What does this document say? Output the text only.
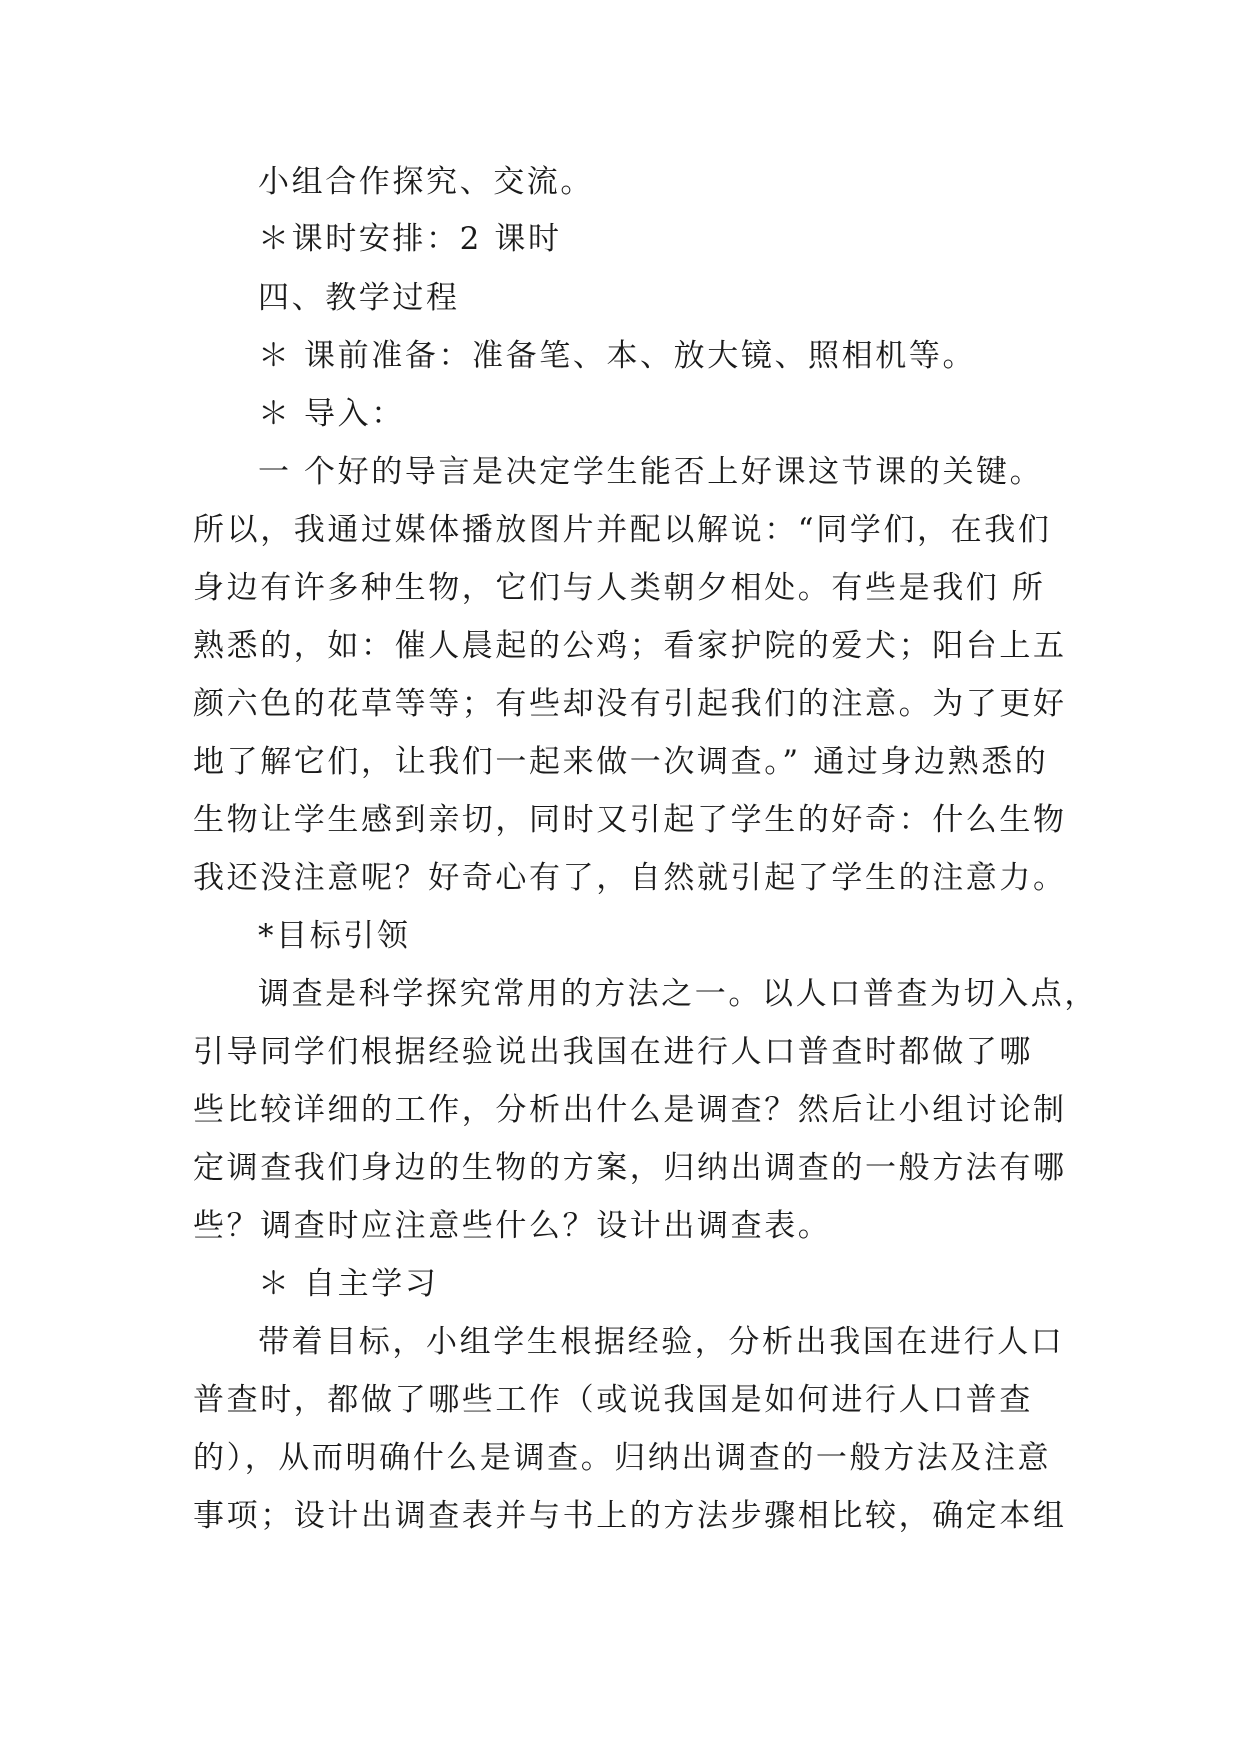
小组合作探究、交流。
＊课时安排：2 课时
四、教学过程
＊ 课前准备：准备笔、本、放大镜、照相机等。
＊ 导入：
一 个好的导言是决定学生能否上好课这节课的关键。
所以，我通过媒体播放图片并配以解说：“同学们，在我们
身边有许多种生物，它们与人类朝夕相处。有些是我们 所
熟悉的，如：催人晨起的公鸡；看家护院的爱犬；阳台上五
颜六色的花草等等；有些却没有引起我们的注意。为了更好
地了解它们，让我们一起来做一次调查。” 通过身边熟悉的
生物让学生感到亲切，同时又引起了学生的好奇：什么生物
我还没注意呢？好奇心有了，自然就引起了学生的注意力。
*目标引领
调查是科学探究常用的方法之一。以人口普查为切入点，
引导同学们根据经验说出我国在进行人口普查时都做了哪
些比较详细的工作，分析出什么是调查？然后让小组讨论制
定调查我们身边的生物的方案，归纳出调查的一般方法有哪
些？调查时应注意些什么？设计出调查表。
＊ 自主学习
带着目标，小组学生根据经验，分析出我国在进行人口
普查时，都做了哪些工作（或说我国是如何进行人口普查
的），从而明确什么是调查。归纳出调查的一般方法及注意
事项；设计出调查表并与书上的方法步骤相比较，确定本组
